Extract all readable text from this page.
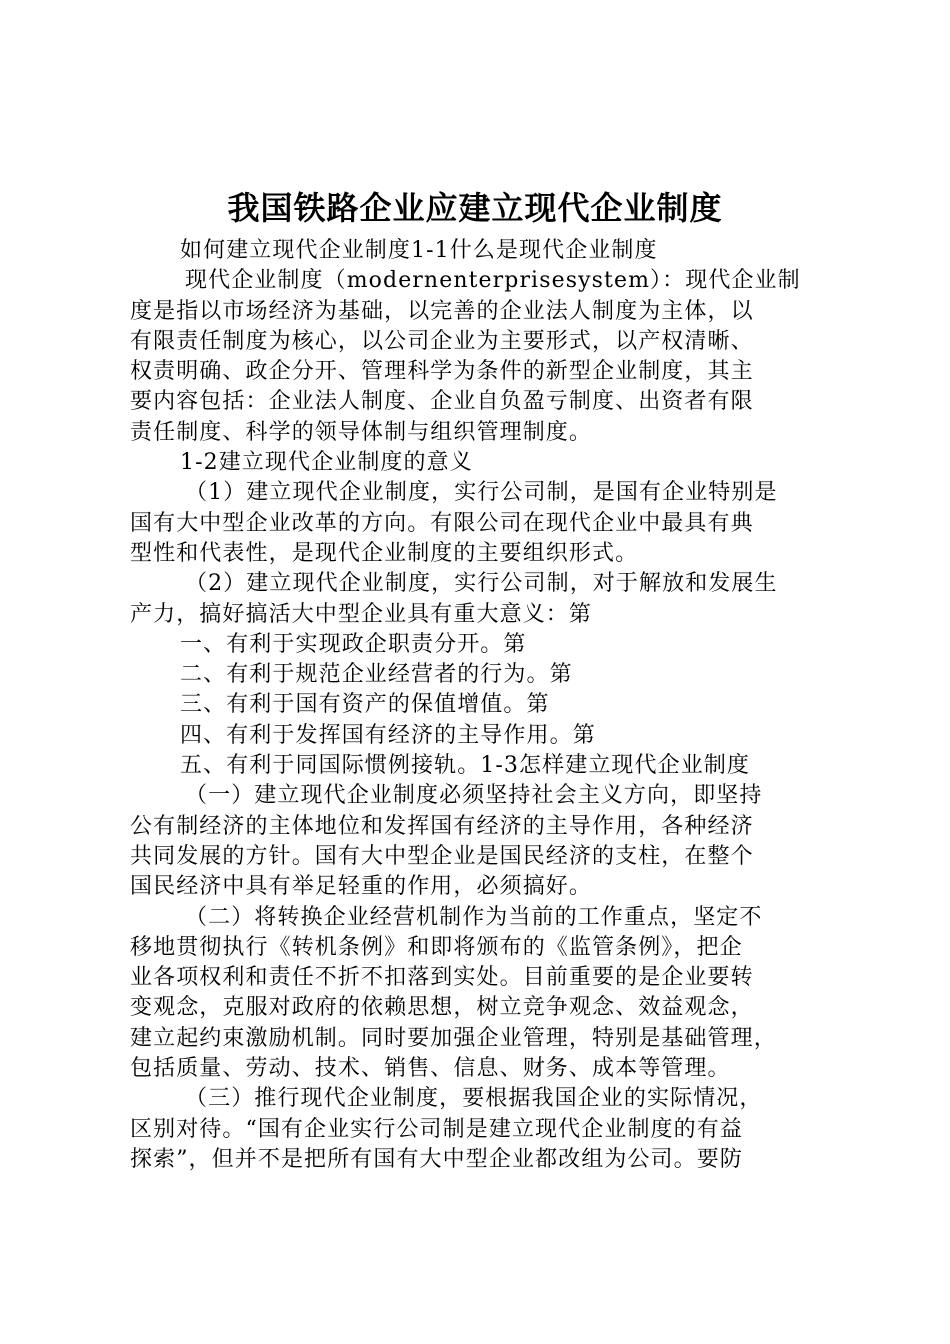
我国铁路企业应建立现代企业制度

如何建立现代企业制度1-1什么是现代企业制度

现代企业制度（modernenterprisesystem）：现代企业制

度是指以市场经济为基础，以完善的企业法人制度为主体，以

有限责任制度为核心，以公司企业为主要形式，以产权清晰、

权责明确、政企分开、管理科学为条件的新型企业制度，其主

要内容包括：企业法人制度、企业自负盈亏制度、出资者有限

责任制度、科学的领导体制与组织管理制度。

1-2建立现代企业制度的意义

（1）建立现代企业制度，实行公司制，是国有企业特别是

国有大中型企业改革的方向。有限公司在现代企业中最具有典

型性和代表性，是现代企业制度的主要组织形式。

（2）建立现代企业制度，实行公司制，对于解放和发展生

产力，搞好搞活大中型企业具有重大意义：第

一、有利于实现政企职责分开。第

二、有利于规范企业经营者的行为。第

三、有利于国有资产的保值增值。第

四、有利于发挥国有经济的主导作用。第

五、有利于同国际惯例接轨。1-3怎样建立现代企业制度

（一）建立现代企业制度必须坚持社会主义方向，即坚持

公有制经济的主体地位和发挥国有经济的主导作用，各种经济

共同发展的方针。国有大中型企业是国民经济的支柱，在整个

国民经济中具有举足轻重的作用，必须搞好。

（二）将转换企业经营机制作为当前的工作重点，坚定不

移地贯彻执行《转机条例》和即将颁布的《监管条例》，把企

业各项权利和责任不折不扣落到实处。目前重要的是企业要转

变观念，克服对政府的依赖思想，树立竞争观念、效益观念，

建立起约束激励机制。同时要加强企业管理，特别是基础管理，

包括质量、劳动、技术、销售、信息、财务、成本等管理。

（三）推行现代企业制度，要根据我国企业的实际情况，

区别对待。“国有企业实行公司制是建立现代企业制度的有益

探索”，但并不是把所有国有大中型企业都改组为公司。要防
